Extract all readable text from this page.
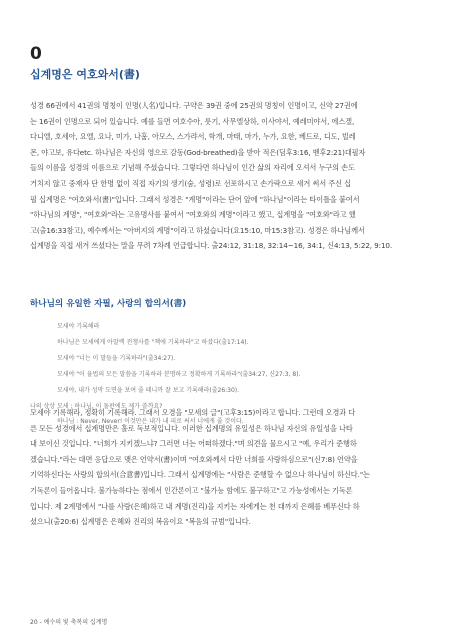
0
십계명은 여호와서(書)
성경 66권에서 41권의 명칭이 인명(人名)입니다. 구약은 39권 중에 25권의 명칭이 인명이고, 신약 27권에
는 16권이 인명으로 되어 있습니다. 예를 들면 여호수아, 룻기, 사무엘상하, 이사야서, 예레미야서, 에스겔,
다니엘, 호세아, 요엘, 요나, 미가, 나훔, 아모스, 스가랴서, 학개, 마태, 마가, 누가, 요한, 베드로, 디도, 빌레
몬, 야고보, 유다etc. 하나님은 자신의 영으로 감동(God-breathed)을 받아 적은(딤후3:16, 벧후2:21)대필자
들의 이름을 성경의 이름으로 기념해 주셨습니다. 그렇다면 하나님이 인간 삶의 자리에 오셔서 누구의 손도
거치지 않고 중재자 단 한명 없이 직접 자기의 생기(숨, 성령)로 선포하시고 손가락으로 새겨 써서 주신 십
필 십계명은 "여호와서(書)"입니다. 그래서 성경은 "계명"이라는 단어 앞에 "하나님"이라는 타이틀을 붙여서
"하나님의 계명", "여호와"라는 고유명사를 붙여서 "여호와의 계명"이라고 했고, 십계명을 "여호와"라고 했
고(출16:33참고), 예수께서는 "아버지의 계명"이라고 하셨습니다(요15:10, 마15:3참고). 성경은 하나님께서
십계명을 직접 새겨 쓰셨다는 말을 무려 7차례 언급합니다. 출24:12, 31:18, 32:14~16, 34:1, 신4:13, 5:22, 9:10.
하나님의 유일한 자필, 사랑의 합의서(書)
모세야 기록해라
하나님은 모세에게 아말렉 전쟁사를 "책에 기록하라"고 하셨다(출17:14).
모세야 "너는 이 말들을 기록하라"(출34:27).
모세야 "이 율법의 모든 말씀을 기록하라 분명하고 정확하게 기록하라"(출34:27, 신27:3, 8).
모세야, 내가 성막 도면을 보여 줄 테니까 잘 보고 기록해라(출26:30).
나의 상상 모세 : 하나님, 이 돌판에도 제가 쓸까요?
하나님 : Never, Never! 이것만은 내가 내 피로 써서 너에게 줄 것이다.
모세야 기록해라, 정확히 기록해라. 그래서 오경을 "모세의 글"(고후3:15)이라고 합니다. 그런데 오경과 다
른 모든 성경에서 십계명만은 홀로 독보적입니다. 이러한 십계명의 유일성은 하나님 자신의 유일성을 나타
내 보이신 것입니다. "너희가 지키겠느냐? 그러면 너는 어떠하겠다."며 의견을 물으시고 "예, 우리가 준행하
겠습니다."라는 대면 응답으로 맺은 언약서(書)이며 "여호와께서 다만 너희를 사랑하심으로"(신7:8) 언약을
기억하신다는 사랑의 합의서(合意書)입니다. 그래서 십계명에는 "사람은 준행할 수 없으나 하나님이 하신다."는
기독론이 들어옵니다. 불가능하다는 점에서 인간론이고 "불가능 함에도 불구하고"고 가능성에서는 기독론
입니다. 제 2계명에서 "나를 사랑(은혜)하고 내 계명(진리)을 지키는 자에게는 천 대까지 은혜를 베푸신다 하
셨으니(출20:6) 십계명은 은혜와 진리의 복음이요 "복음의 규범"입니다.
20 - 예수의 빛 축복의 십계명
